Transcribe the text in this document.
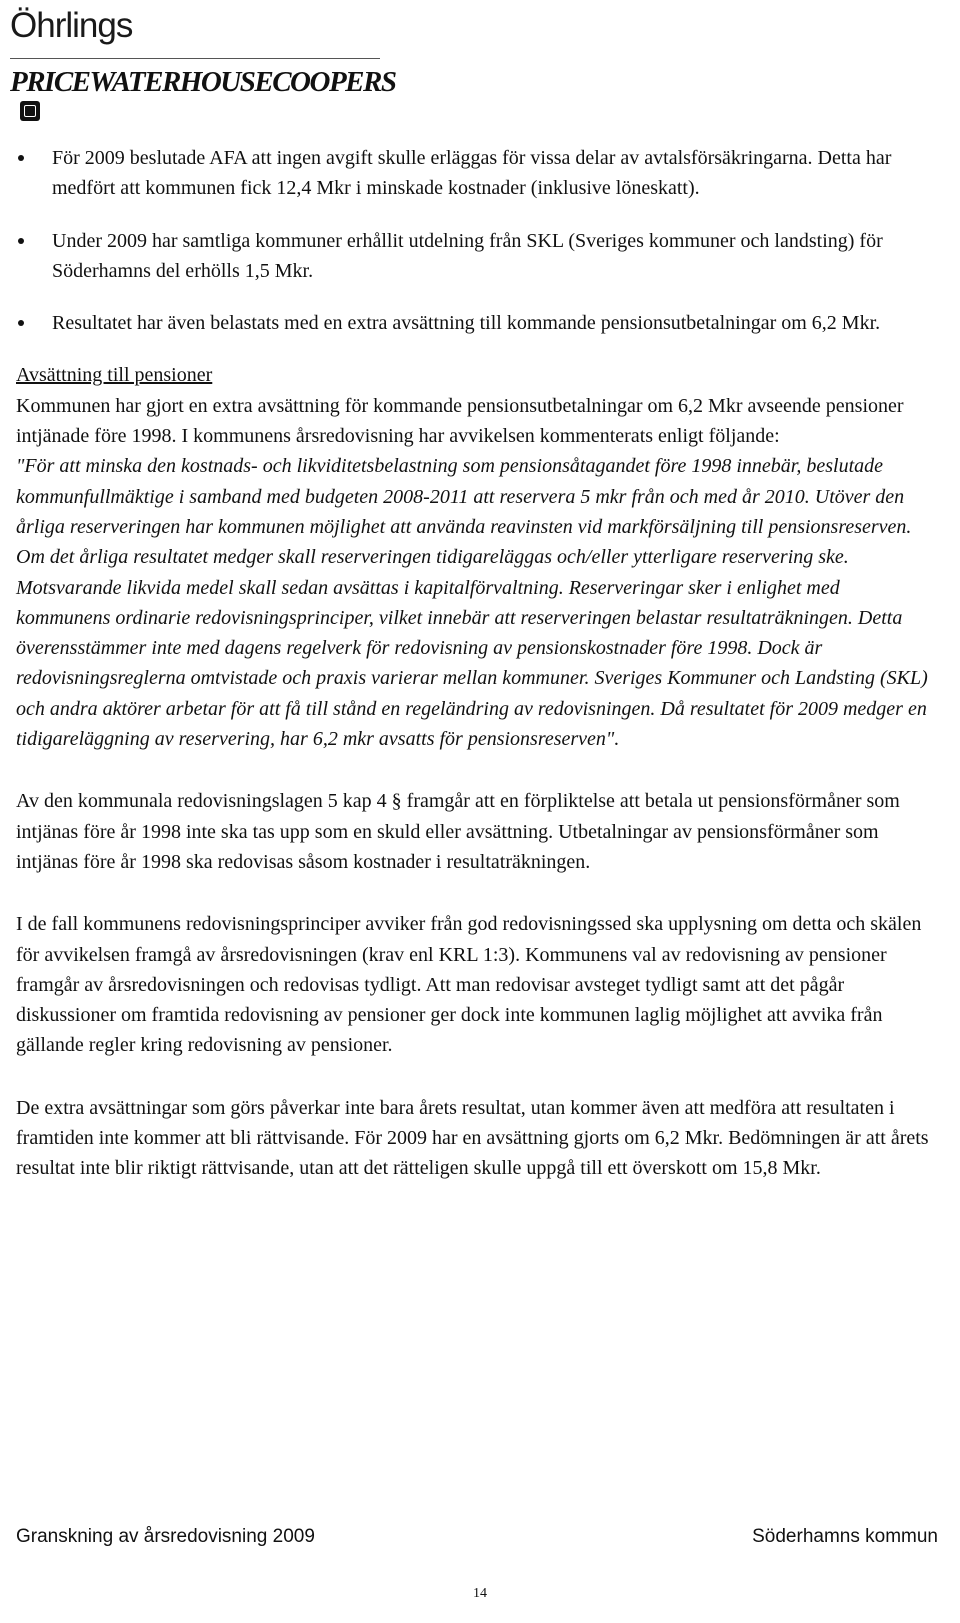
Öhrlings
PRICEWATERHOUSECOOPERS
För 2009 beslutade AFA att ingen avgift skulle erläggas för vissa delar av avtalsförsäkringarna. Detta har medfört att kommunen fick 12,4 Mkr i minskade kostnader (inklusive löneskatt).
Under 2009 har samtliga kommuner erhållit utdelning från SKL (Sveriges kommuner och landsting) för Söderhamns del erhölls 1,5 Mkr.
Resultatet har även belastats med en extra avsättning till kommande pensionsutbetalningar om 6,2 Mkr.

Avsättning till pensioner

Kommunen har gjort en extra avsättning för kommande pensionsutbetalningar om 6,2 Mkr avseende pensioner intjänade före 1998. I kommunens årsredovisning har avvikelsen kommenterats enligt följande:

"För att minska den kostnads- och likviditetsbelastning som pensionsåtagandet före 1998 innebär, beslutade kommunfullmäktige i samband med budgeten 2008-2011 att reservera 5 mkr från och med år 2010. Utöver den årliga reserveringen har kommunen möjlighet att använda reavinsten vid markförsäljning till pensionsreserven. Om det årliga resultatet medger skall reserveringen tidigareläggas och/eller ytterligare reservering ske. Motsvarande likvida medel skall sedan avsättas i kapitalförvaltning. Reserveringar sker i enlighet med kommunens ordinarie redovisningsprinciper, vilket innebär att reserveringen belastar resultaträkningen. Detta överensstämmer inte med dagens regelverk för redovisning av pensionskostnader före 1998. Dock är redovisningsreglerna omtvistade och praxis varierar mellan kommuner. Sveriges Kommuner och Landsting (SKL) och andra aktörer arbetar för att få till stånd en regeländring av redovisningen. Då resultatet för 2009 medger en tidigareläggning av reservering, har 6,2 mkr avsatts för pensionsreserven".

Av den kommunala redovisningslagen 5 kap 4 § framgår att en förpliktelse att betala ut pensionsförmåner som intjänas före år 1998 inte ska tas upp som en skuld eller avsättning. Utbetalningar av pensionsförmåner som intjänas före år 1998 ska redovisas såsom kostnader i resultaträkningen.

I de fall kommunens redovisningsprinciper avviker från god redovisningssed ska upplysning om detta och skälen för avvikelsen framgå av årsredovisningen (krav enl KRL 1:3). Kommunens val av redovisning av pensioner framgår av årsredovisningen och redovisas tydligt. Att man redovisar avsteget tydligt samt att det pågår diskussioner om framtida redovisning av pensioner ger dock inte kommunen laglig möjlighet att avvika från gällande regler kring redovisning av pensioner.

De extra avsättningar som görs påverkar inte bara årets resultat, utan kommer även att medföra att resultaten i framtiden inte kommer att bli rättvisande. För 2009 har en avsättning gjorts om 6,2 Mkr. Bedömningen är att årets resultat inte blir riktigt rättvisande, utan att det rätteligen skulle uppgå till ett överskott om 15,8 Mkr.

Granskning av årsredovisning 2009	Söderhamns kommun
14
